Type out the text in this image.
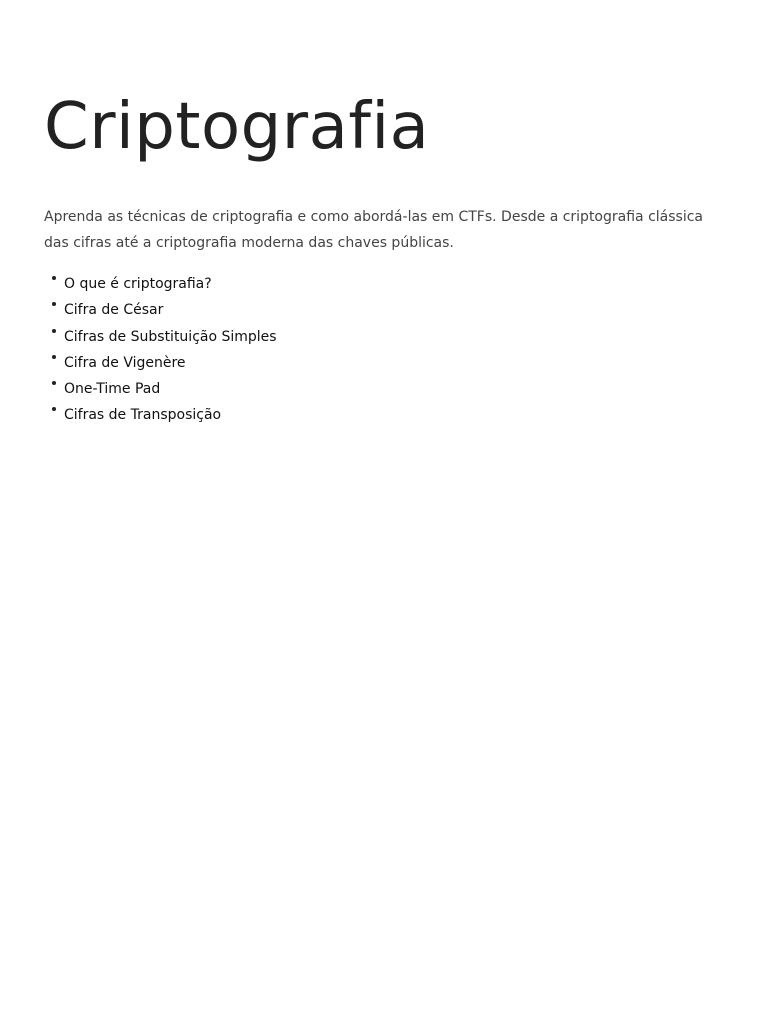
Criptografia

Aprenda as técnicas de criptografia e como abordá-las em CTFs. Desde a criptografia clássica das cifras até a criptografia moderna das chaves públicas.

O que é criptografia?
Cifra de César
Cifras de Substituição Simples
Cifra de Vigenère
One-Time Pad
Cifras de Transposição
